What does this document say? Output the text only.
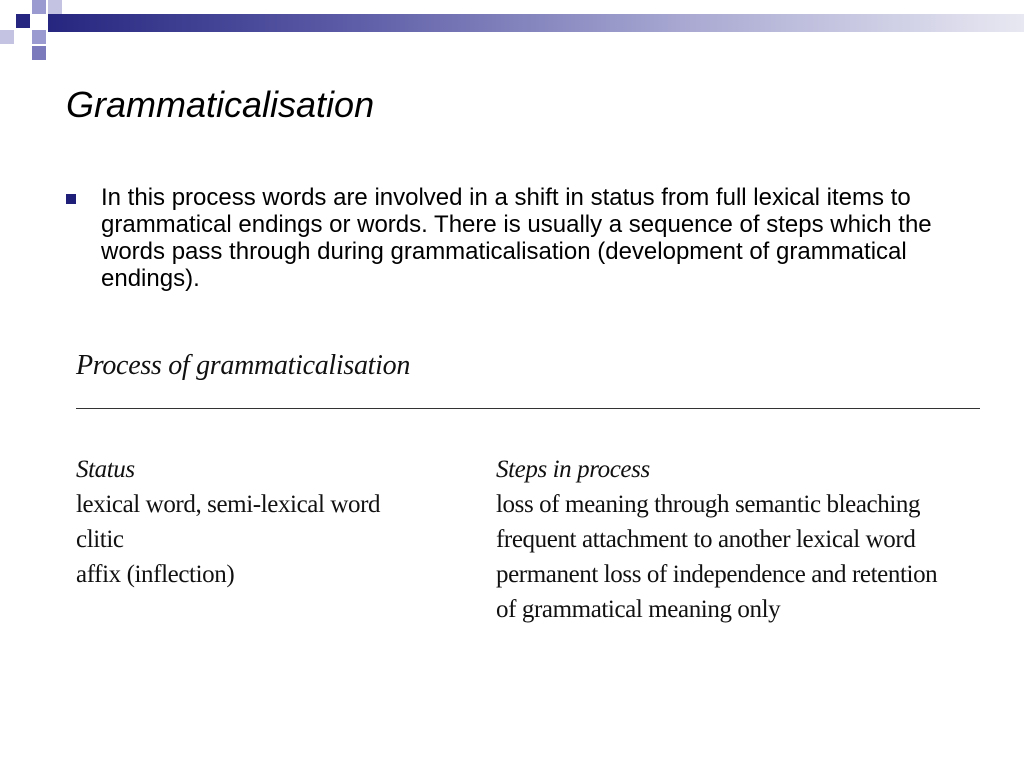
Grammaticalisation
In this process words are involved in a shift in status from full lexical items to grammatical endings or words. There is usually a sequence of steps which the words pass through during grammaticalisation (development of grammatical endings).
Process of grammaticalisation
Status
lexical word, semi-lexical word
clitic
affix (inflection)
Steps in process
loss of meaning through semantic bleaching
frequent attachment to another lexical word
permanent loss of independence and retention
of grammatical meaning only
